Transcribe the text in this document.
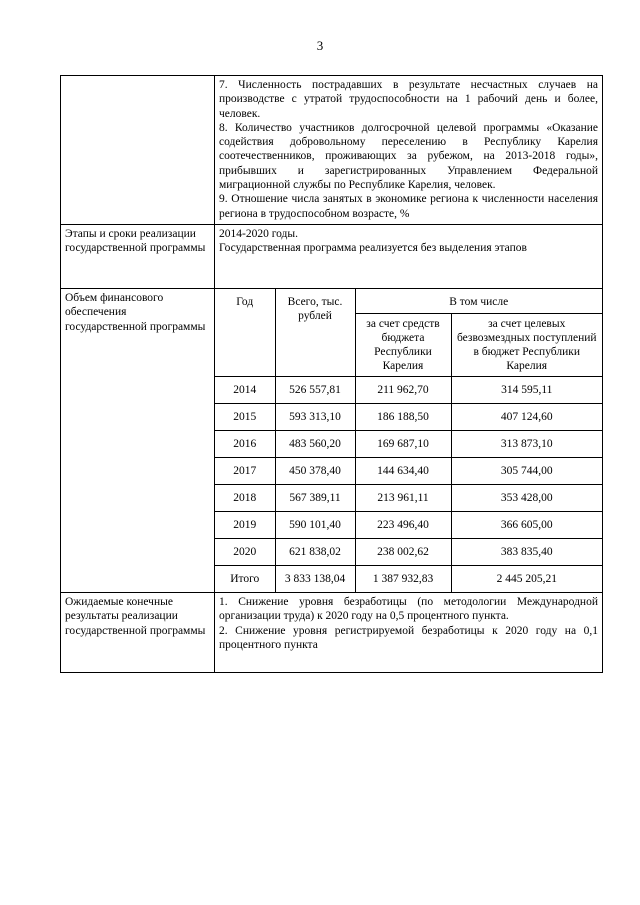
3

7. Численность пострадавших в результате несчастных случаев на производстве с утратой трудоспособности на 1 рабочий день и более, человек.

8. Количество участников долгосрочной целевой программы «Оказание содействия добровольному переселению в Республику Карелия соотечественников, проживающих за рубежом, на 2013-2018 годы», прибывших и зарегистрированных Управлением Федеральной миграционной службы по Республике Карелия, человек.

9. Отношение числа занятых в экономике региона к численности населения региона в трудоспособном возрасте, %

Этапы и сроки реализации государственной программы	

2014-2020 годы.

Государственная программа реализуется без выделения этапов

Объем финансового обеспечения государственной программы	
Год	Всего, тыс. рублей	В том числе
за счет средств бюджета Республики Карелия	за счет целевых безвозмездных поступлений в бюджет Республики Карелия
2014	526 557,81	211 962,70	314 595,11
2015	593 313,10	186 188,50	407 124,60
2016	483 560,20	169 687,10	313 873,10
2017	450 378,40	144 634,40	305 744,00
2018	567 389,11	213 961,11	353 428,00
2019	590 101,40	223 496,40	366 605,00
2020	621 838,02	238 002,62	383 835,40
Итого	3 833 138,04	1 387 932,83	2 445 205,21

Ожидаемые конечные результаты реализации государственной программы	

1. Снижение уровня безработицы (по методологии Международной организации труда) к 2020 году на 0,5 процентного пункта.

2. Снижение уровня регистрируемой безработицы к 2020 году на 0,1 процентного пункта
